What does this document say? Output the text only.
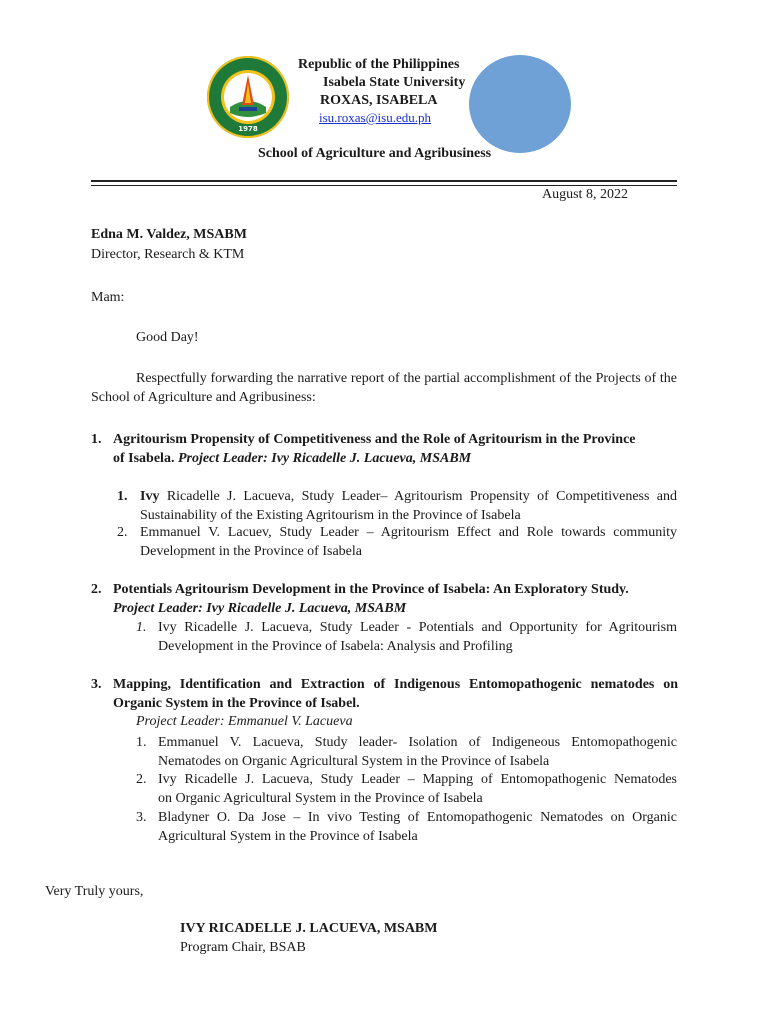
1978
Republic of the Philippines
Isabela State University
ROXAS, ISABELA
isu.roxas@isu.edu.ph
School of Agriculture and Agribusiness
August 8, 2022
Edna M. Valdez, MSABM
Director, Research & KTM
Mam:
Good Day!
Respectfully forwarding the narrative report of the partial accomplishment of the Projects of the School of Agriculture and Agribusiness:
1. Agritourism Propensity of Competitiveness and the Role of Agritourism in the Province
of Isabela. Project Leader: Ivy Ricadelle J. Lacueva, MSABM
1. Ivy Ricadelle J. Lacueva, Study Leader– Agritourism Propensity of Competitiveness and
Sustainability of the Existing Agritourism in the Province of Isabela
2. Emmanuel V. Lacuev, Study Leader – Agritourism Effect and Role towards community
Development in the Province of Isabela
2. Potentials Agritourism Development in the Province of Isabela: An Exploratory Study.
Project Leader: Ivy Ricadelle J. Lacueva, MSABM
1. Ivy Ricadelle J. Lacueva, Study Leader - Potentials and Opportunity for Agritourism
Development in the Province of Isabela: Analysis and Profiling
3. Mapping, Identification and Extraction of Indigenous Entomopathogenic nematodes on
Organic System in the Province of Isabel.
Project Leader: Emmanuel V. Lacueva
1. Emmanuel V. Lacueva, Study leader- Isolation of Indigeneous Entomopathogenic
Nematodes on Organic Agricultural System in the Province of Isabela
2. Ivy Ricadelle J. Lacueva, Study Leader – Mapping of Entomopathogenic Nematodes
on Organic Agricultural System in the Province of Isabela
3. Bladyner O. Da Jose – In vivo Testing of Entomopathogenic Nematodes on Organic
Agricultural System in the Province of Isabela
Very Truly yours,
IVY RICADELLE J. LACUEVA, MSABM
Program Chair, BSAB
